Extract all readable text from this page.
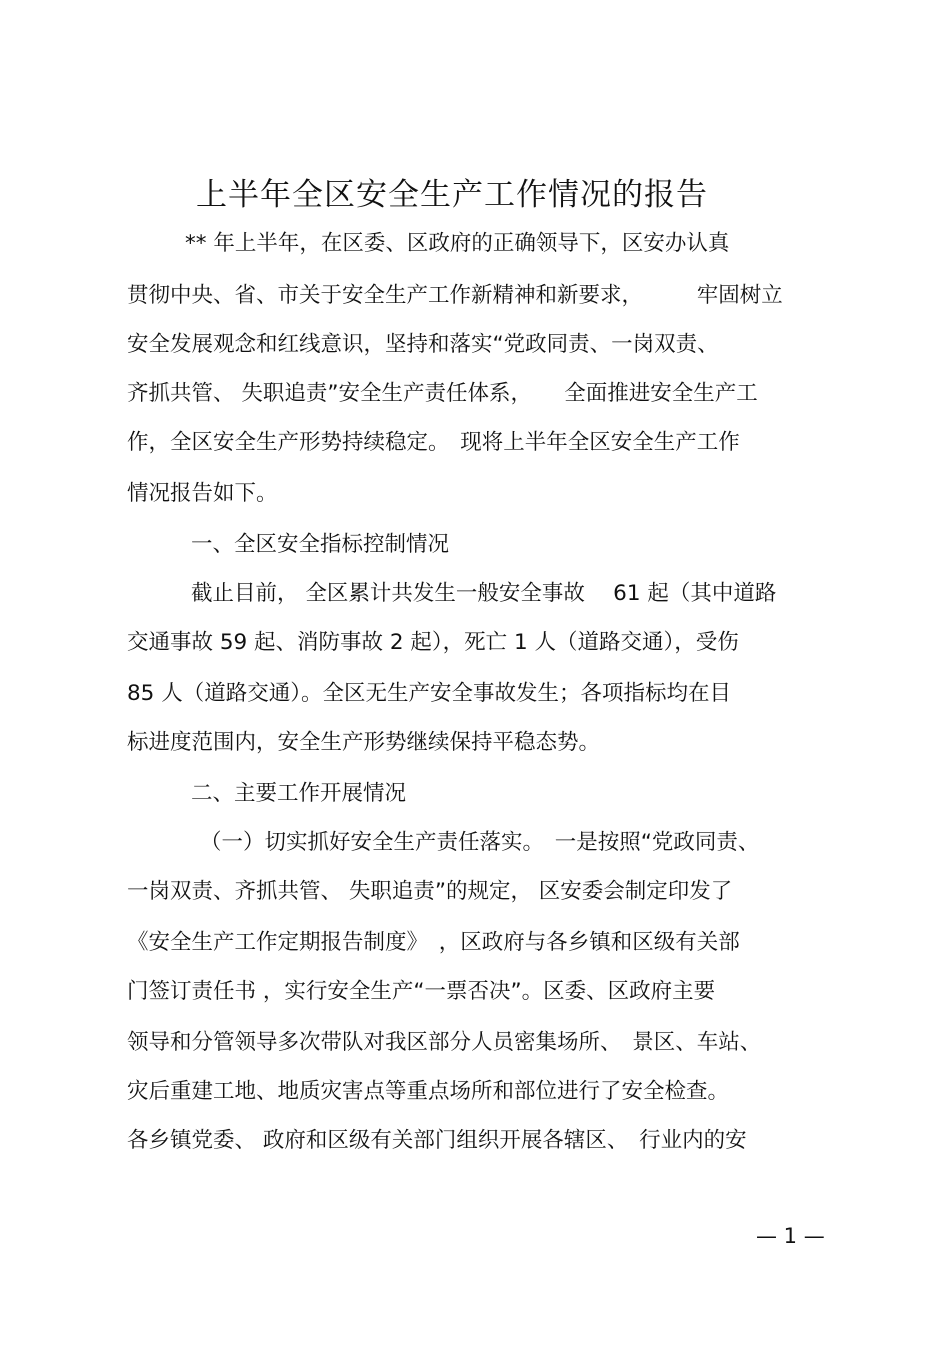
上半年全区安全生产工作情况的报告
** 年上半年，在区委、区政府的正确领导下，区安办认真
贯彻中央、省、市关于安全生产工作新精神和新要求，　　　牢固树立
安全发展观念和红线意识，坚持和落实“党政同责、一岗双责、
齐抓共管、 失职追责”安全生产责任体系，　　全面推进安全生产工
作，全区安全生产形势持续稳定。　现将上半年全区安全生产工作
情况报告如下。
一、全区安全指标控制情况
截止目前， 全区累计共发生一般安全事故　 61 起（其中道路
交通事故 59 起、消防事故 2 起），死亡 1 人（道路交通），受伤
85 人（道路交通）。全区无生产安全事故发生；各项指标均在目
标进度范围内，安全生产形势继续保持平稳态势。
二、主要工作开展情况
（一）切实抓好安全生产责任落实。　一是按照“党政同责、
一岗双责、齐抓共管、 失职追责”的规定， 区安委会制定印发了
《安全生产工作定期报告制度》　，区政府与各乡镇和区级有关部
门签订责任书 ，实行安全生产“一票否决”。区委、区政府主要
领导和分管领导多次带队对我区部分人员密集场所、　景区、车站、
灾后重建工地、地质灾害点等重点场所和部位进行了安全检查。
各乡镇党委、 政府和区级有关部门组织开展各辖区、　行业内的安
— 1 —
